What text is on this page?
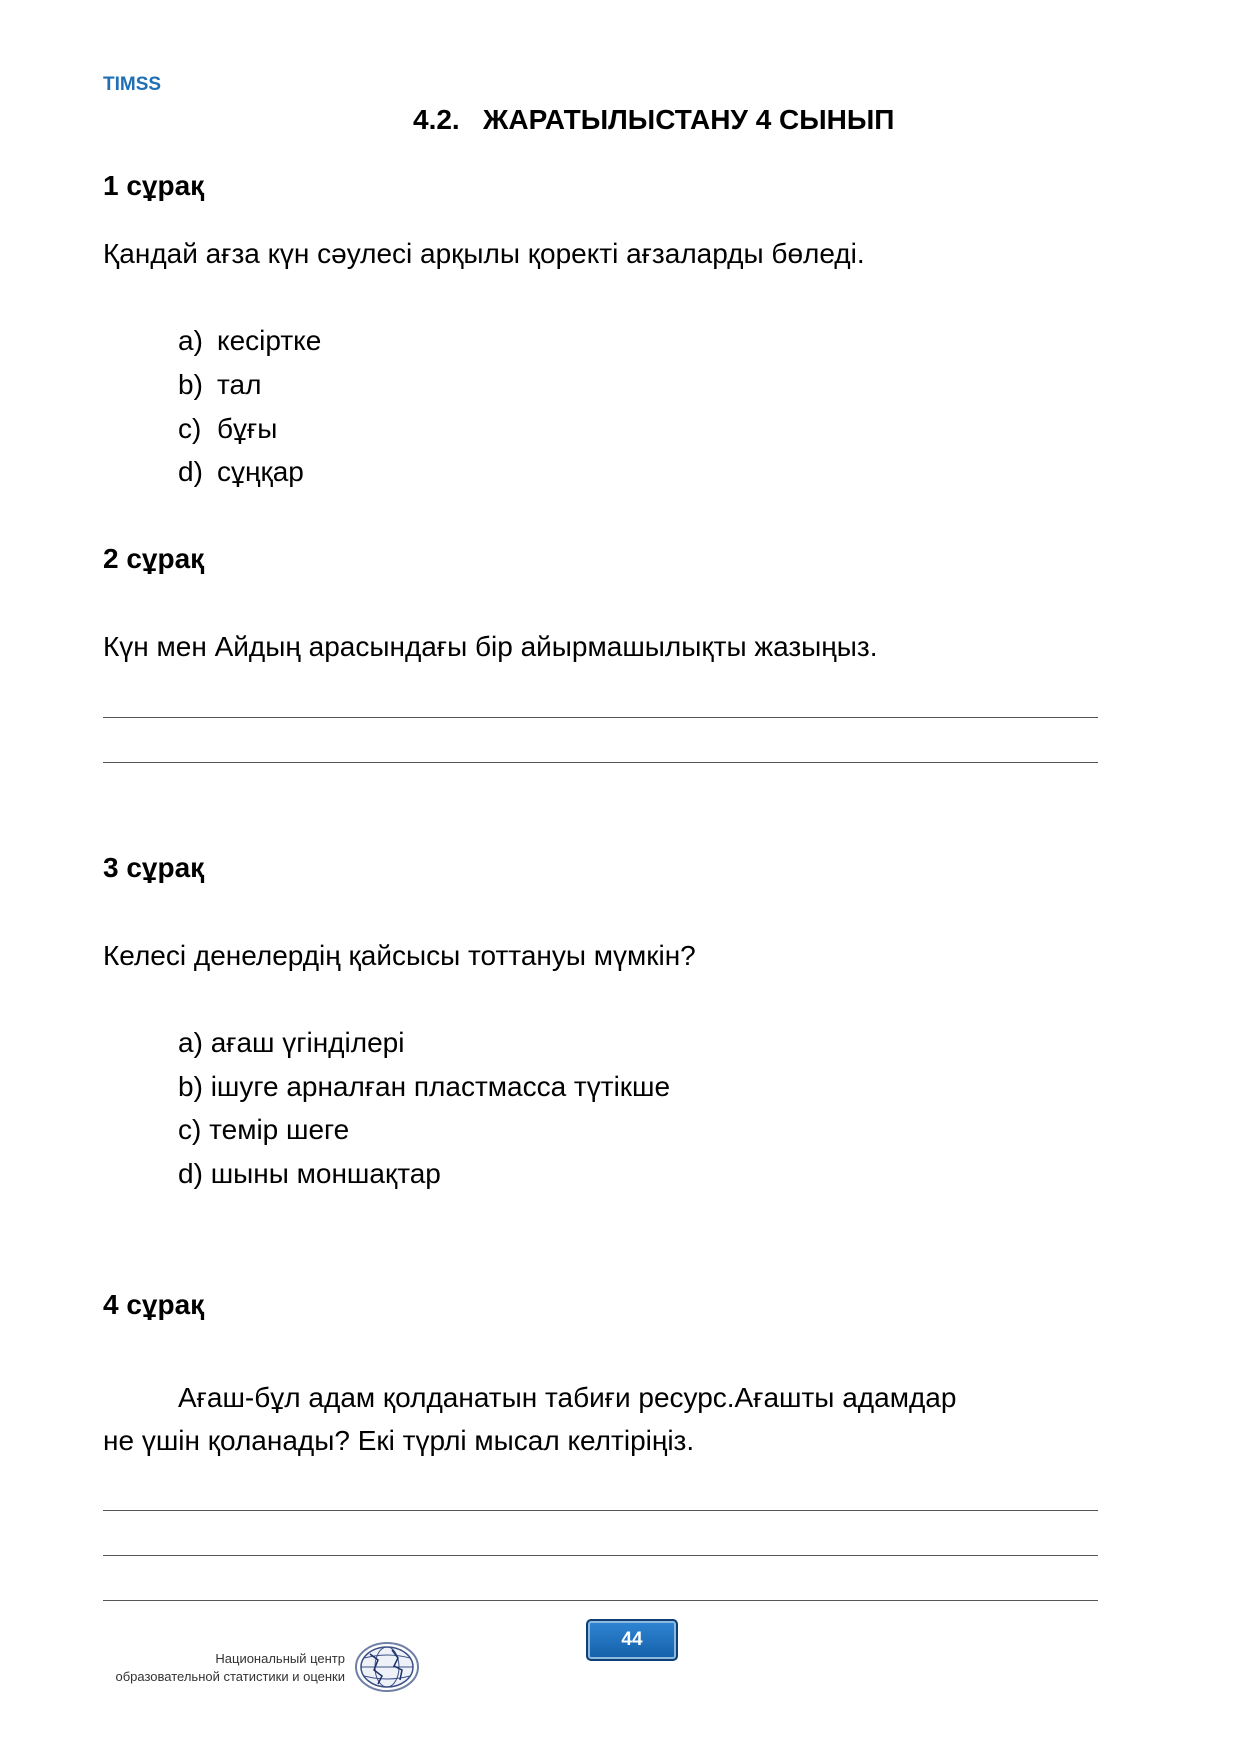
TIMSS
4.2. ЖАРАТЫЛЫСТАНУ 4 СЫНЫП
1 сұрақ
Қандай ағза күн сәулесі арқылы қоректі ағзаларды бөледі.
a) кесіртке
b) тал
c) бұғы
d) сұңқар
2 сұрақ
Күн мен Айдың арасындағы бір айырмашылықты жазыңыз.
3 сұрақ
Келесі денелердің қайсысы тоттануы мүмкін?
a) ағаш үгінділері
b) ішуге арналған пластмасса түтікше
c) темір шеге
d) шыны моншақтар
4 сұрақ
Ағаш-бұл адам қолданатын табиғи ресурс.Ағашты адамдар
не үшін қоланады? Екі түрлі мысал келтіріңіз.
44
Национальный центр
образовательной статистики и оценки
